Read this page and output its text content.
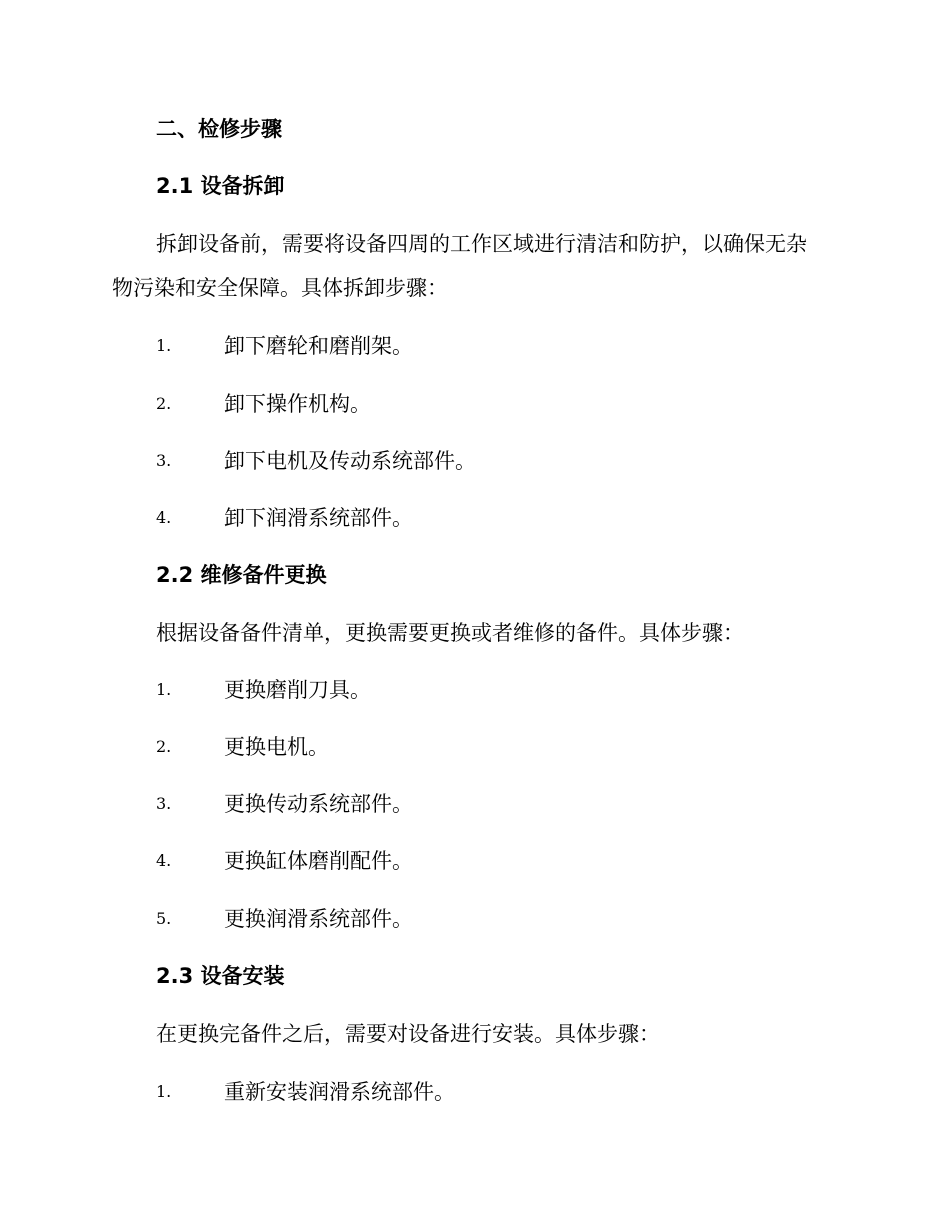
二、检修步骤
2.1 设备拆卸
拆卸设备前，需要将设备四周的工作区域进行清洁和防护，以确保无杂
物污染和安全保障。具体拆卸步骤：
1.	卸下磨轮和磨削架。
2.	卸下操作机构。
3.	卸下电机及传动系统部件。
4.	卸下润滑系统部件。
2.2 维修备件更换
根据设备备件清单，更换需要更换或者维修的备件。具体步骤：
1.	更换磨削刀具。
2.	更换电机。
3.	更换传动系统部件。
4.	更换缸体磨削配件。
5.	更换润滑系统部件。
2.3 设备安装
在更换完备件之后，需要对设备进行安装。具体步骤：
1.	重新安装润滑系统部件。
